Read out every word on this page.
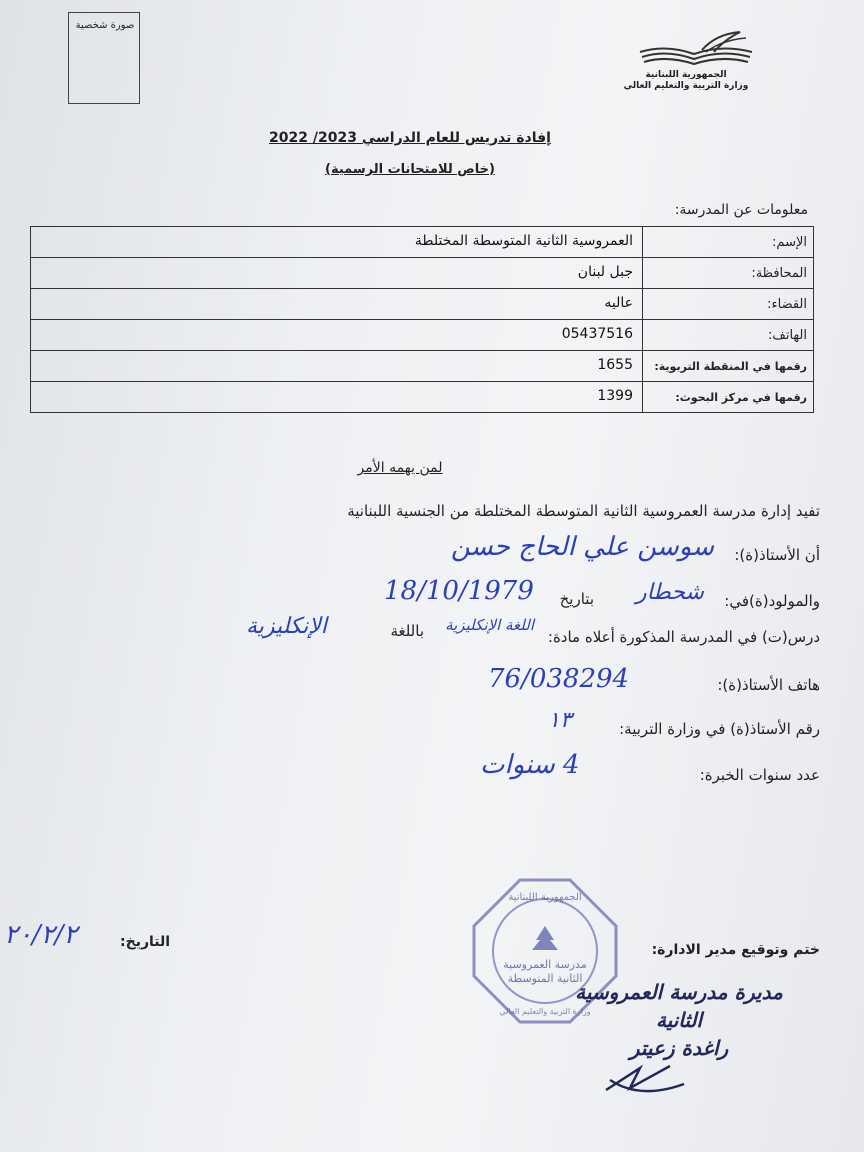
صورة شخصية
الجمهورية اللبنانية
وزارة التربية والتعليم العالي
إفادة تدريس للعام الدراسي 2023/ 2022
(خاص للامتحانات الرسمية)
معلومات عن المدرسة:
الإسم:
العمروسية الثانية المتوسطة المختلطة
المحافظة:
جبل لبنان
القضاء:
عاليه
الهاتف:
05437516
رقمها في المنقطة التربوية:
1655
رقمها في مركز البحوث:
1399
لمن يهمه الأمر
تفيد إدارة مدرسة العمروسية الثانية المتوسطة المختلطة من الجنسية اللبنانية
أن الأستاذ(ة):
سوسن علي الحاج حسن
والمولود(ة)في:
شحطار
بتاريخ
18/10/1979
درس(ت) في المدرسة المذكورة أعلاه مادة:
اللغة الإنكليزية
باللغة
الإنكليزية
هاتف الأستاذ(ة):
76/038294
رقم الأستاذ(ة) في وزارة التربية:
١٣
عدد سنوات الخبرة:
4 سنوات
الجمهورية اللبنانية
مدرسة العمروسية
الثانية المتوسطة
وزارة التربية والتعليم العالي
ختم وتوقيع مدير الادارة:
التاريخ:
٢٠/٢/٢
مديرة مدرسة العمروسية الثانية
راغدة زعيتر
